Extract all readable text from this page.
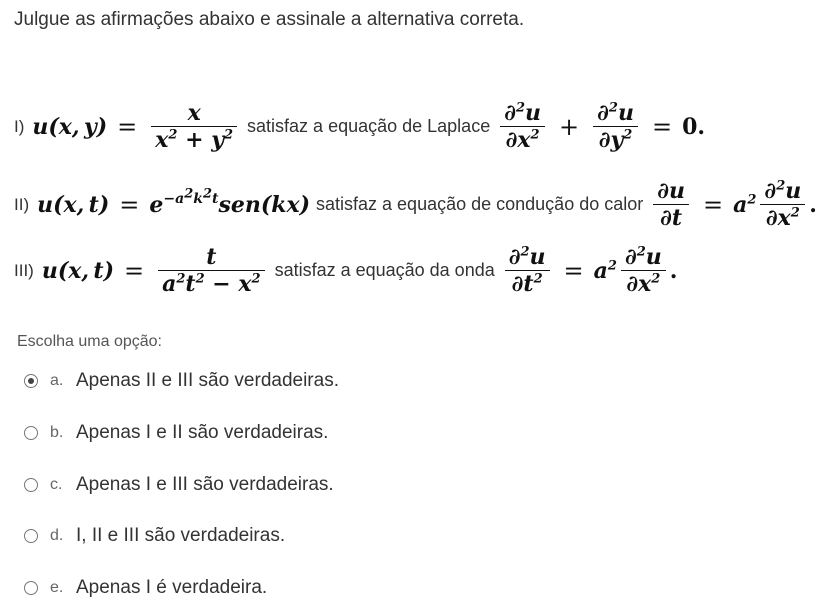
Julgue as afirmações abaixo e assinale a alternativa correta.
I) u(x, $y) = \frac{x}{x^2 + y^2}$ satisfaz a equação de Laplace $\frac{\partial^2u}{\partial x^2} + \frac{\partial^2u}{\partial y^2} = 0$.
II) u(x, $t) = e^{-a^2k^2t}sen(kx)$ satisfaz a equação de condução do calor $\frac{\partial u}{\partial t} = a^2 \frac{\partial^2u}{\partial x^2}$ .
III) u(x, $t) = \frac{t}{a^2t^2 - x^2}$ satisfaz a equação da onda $\frac{\partial^2u}{\partial t^2} = a^2 \frac{\partial^2u}{\partial x^2}$ .
Escolha uma opção:
a. Apenas II e III são verdadeiras.
b. Apenas I e II são verdadeiras.
c. Apenas I e III são verdadeiras.
d. I, II e III são verdadeiras.
e. Apenas I é verdadeira.
